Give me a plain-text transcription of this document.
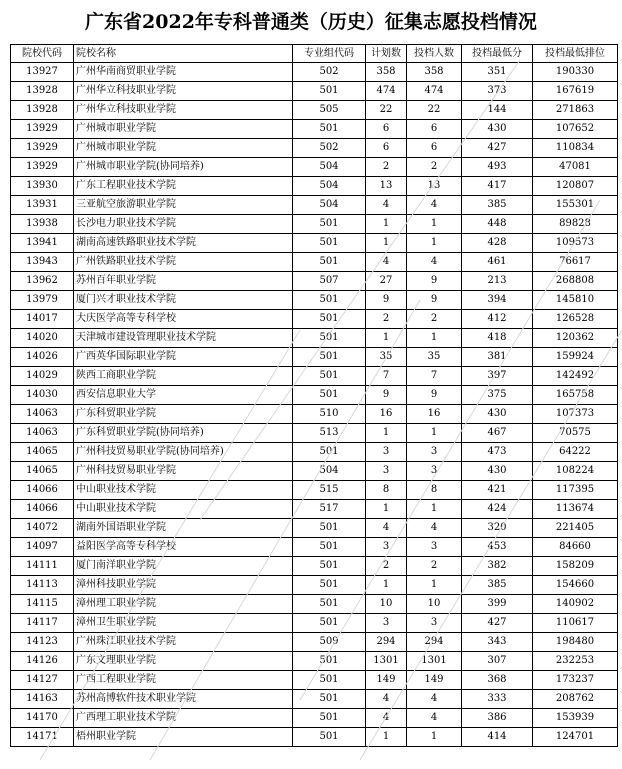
广东省2022年专科普通类（历史）征集志愿投档情况
院校代码	院校名称	专业组代码	计划数	投档人数	投档最低分	投档最低排位
13927	广州华南商贸职业学院	502	358	358	351	190330
13928	广州华立科技职业学院	501	474	474	373	167619
13928	广州华立科技职业学院	505	22	22	144	271863
13929	广州城市职业学院	501	6	6	430	107652
13929	广州城市职业学院	502	6	6	427	110834
13929	广州城市职业学院(协同培养)	504	2	2	493	47081
13930	广东工程职业技术学院	504	13	13	417	120807
13931	三亚航空旅游职业学院	504	4	4	385	155301
13938	长沙电力职业技术学院	501	1	1	448	89828
13941	湖南高速铁路职业技术学院	501	1	1	428	109573
13943	广州铁路职业技术学院	501	4	4	461	76617
13962	苏州百年职业学院	507	27	9	213	268808
13979	厦门兴才职业技术学院	501	9	9	394	145810
14017	大庆医学高等专科学校	501	2	2	412	126528
14020	天津城市建设管理职业技术学院	501	1	1	418	120362
14026	广西英华国际职业学院	501	35	35	381	159924
14029	陕西工商职业学院	501	7	7	397	142492
14030	西安信息职业大学	501	9	9	375	165758
14063	广东科贸职业学院	510	16	16	430	107373
14063	广东科贸职业学院(协同培养)	513	1	1	467	70575
14065	广州科技贸易职业学院(协同培养)	501	3	3	473	64222
14065	广州科技贸易职业学院	504	3	3	430	108224
14066	中山职业技术学院	515	8	8	421	117395
14066	中山职业技术学院	517	1	1	424	113674
14072	湖南外国语职业学院	501	4	4	320	221405
14097	益阳医学高等专科学校	501	3	3	453	84660
14111	厦门南洋职业学院	501	2	2	382	158209
14113	漳州科技职业学院	501	1	1	385	154660
14115	漳州理工职业学院	501	10	10	399	140902
14117	漳州卫生职业学院	501	3	3	427	110617
14123	广州珠江职业技术学院	509	294	294	343	198480
14126	广东文理职业学院	501	1301	1301	307	232253
14127	广西工程职业学院	501	149	149	368	173237
14163	苏州高博软件技术职业学院	501	4	4	333	208762
14170	广西理工职业技术学院	501	4	4	386	153939
14171	梧州职业学院	501	1	1	414	124701
